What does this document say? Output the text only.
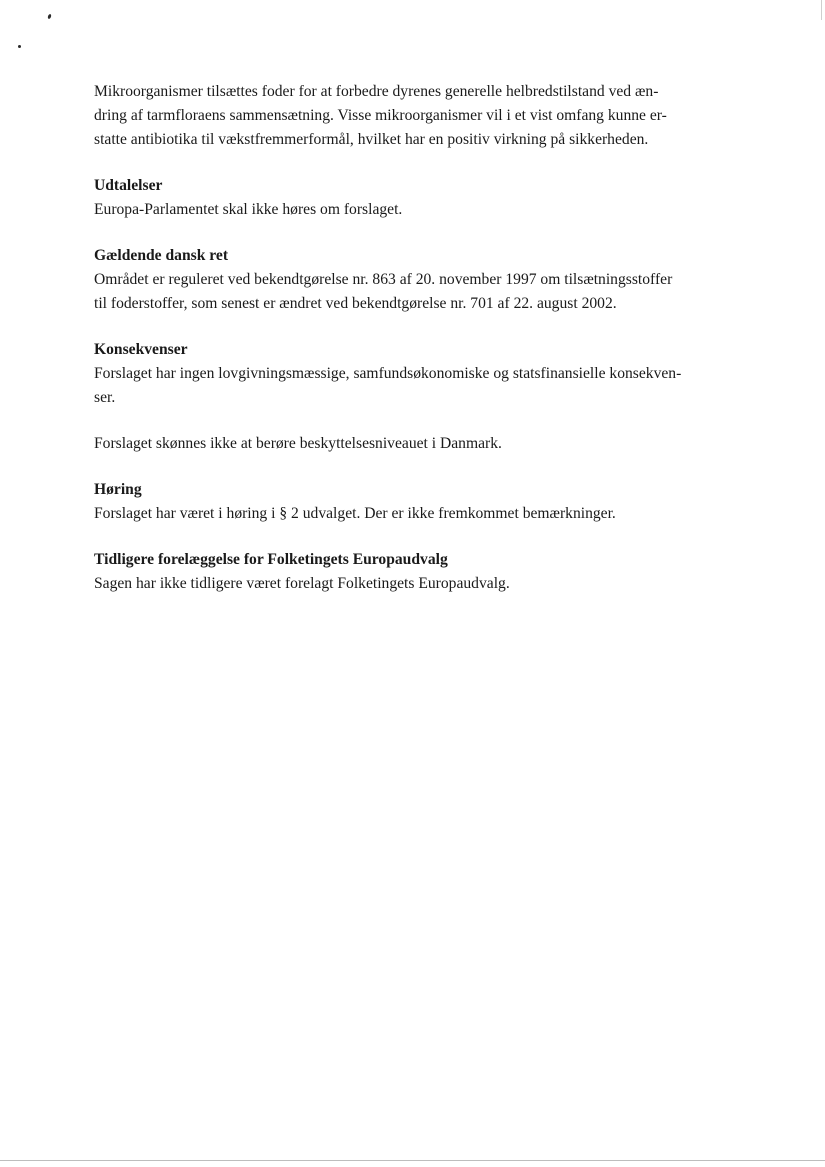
Mikroorganismer tilsættes foder for at forbedre dyrenes generelle helbredstilstand ved æn-

dring af tarmfloraens sammensætning. Visse mikroorganismer vil i et vist omfang kunne er-

statte antibiotika til vækstfremmerformål, hvilket har en positiv virkning på sikkerheden.

Udtalelser

Europa-Parlamentet skal ikke høres om forslaget.

Gældende dansk ret

Området er reguleret ved bekendtgørelse nr. 863 af 20. november 1997 om tilsætningsstoffer

til foderstoffer, som senest er ændret ved bekendtgørelse nr. 701 af 22. august 2002.

Konsekvenser

Forslaget har ingen lovgivningsmæssige, samfundsøkonomiske og statsfinansielle konsekven-

ser.

Forslaget skønnes ikke at berøre beskyttelsesniveauet i Danmark.

Høring

Forslaget har været i høring i § 2 udvalget. Der er ikke fremkommet bemærkninger.

Tidligere forelæggelse for Folketingets Europaudvalg

Sagen har ikke tidligere været forelagt Folketingets Europaudvalg.
